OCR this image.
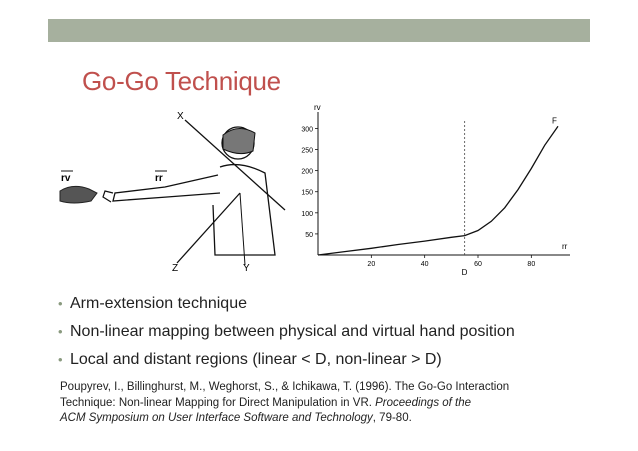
Go-Go Technique
X
Z	Y
rv	rr
50
100
150
200
250
300
20	40	60	80
D
F
rv
rr
• Arm-extension technique
• Non-linear mapping between physical and virtual hand position
• Local and distant regions (linear < D, non-linear > D)
Poupyrev, I., Billinghurst, M., Weghorst, S., & Ichikawa, T. (1996). The Go-Go Interaction
Technique: Non-linear Mapping for Direct Manipulation in VR. Proceedings of the
ACM Symposium on User Interface Software and Technology, 79-80.
